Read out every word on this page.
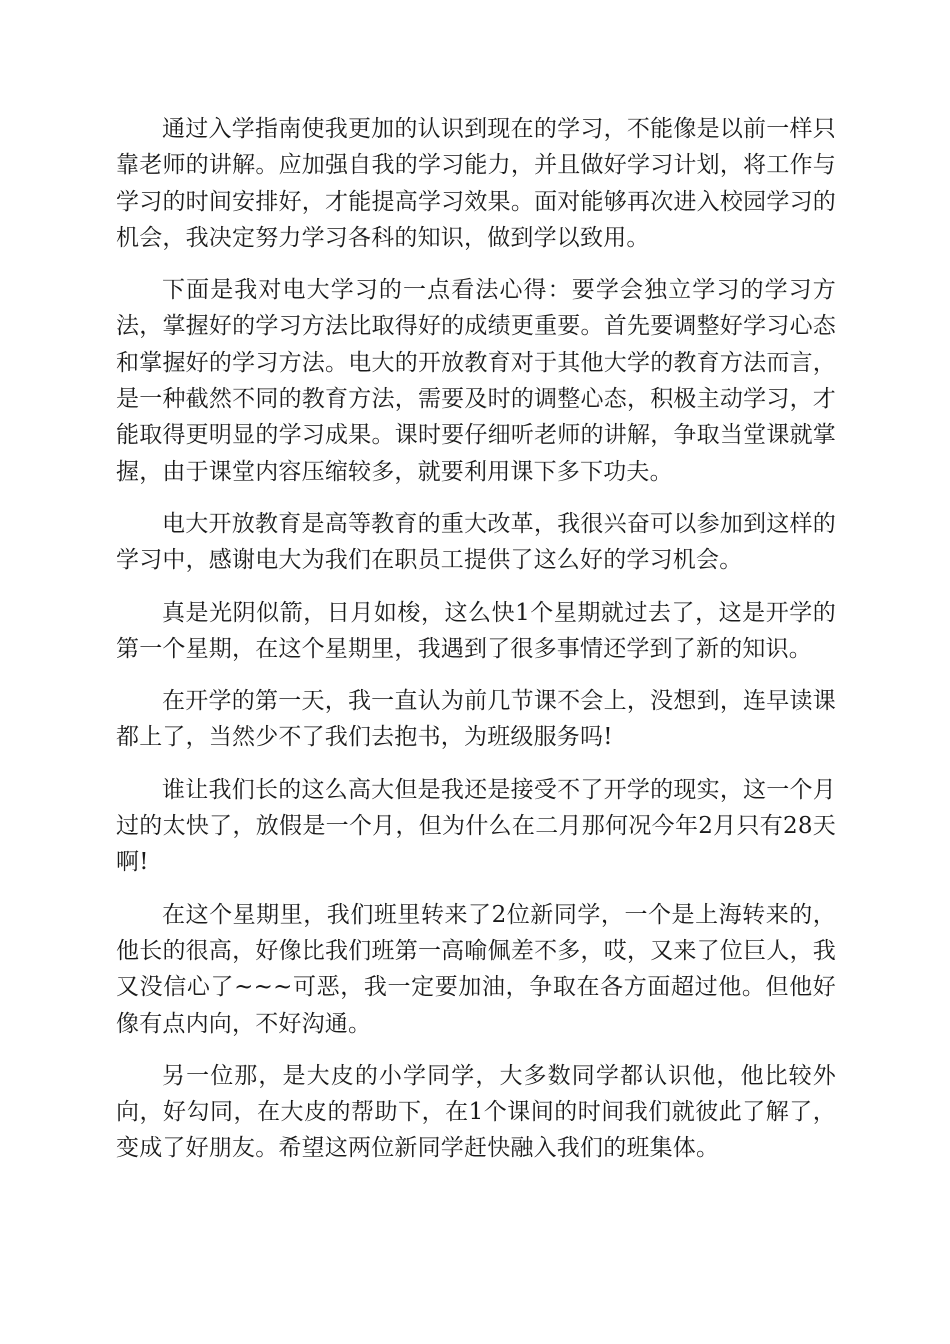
通过入学指南使我更加的认识到现在的学习，不能像是以前一样只靠老师的讲解。应加强自我的学习能力，并且做好学习计划，将工作与学习的时间安排好，才能提高学习效果。面对能够再次进入校园学习的机会，我决定努力学习各科的知识，做到学以致用。

下面是我对电大学习的一点看法心得：要学会独立学习的学习方法，掌握好的学习方法比取得好的成绩更重要。首先要调整好学习心态和掌握好的学习方法。电大的开放教育对于其他大学的教育方法而言，是一种截然不同的教育方法，需要及时的调整心态，积极主动学习，才能取得更明显的学习成果。课时要仔细听老师的讲解，争取当堂课就掌握，由于课堂内容压缩较多，就要利用课下多下功夫。

电大开放教育是高等教育的重大改革，我很兴奋可以参加到这样的学习中，感谢电大为我们在职员工提供了这么好的学习机会。

真是光阴似箭，日月如梭，这么快1个星期就过去了，这是开学的第一个星期，在这个星期里，我遇到了很多事情还学到了新的知识。

在开学的第一天，我一直认为前几节课不会上，没想到，连早读课都上了，当然少不了我们去抱书，为班级服务吗!

谁让我们长的这么高大但是我还是接受不了开学的现实，这一个月过的太快了，放假是一个月，但为什么在二月那何况今年2月只有28天啊!

在这个星期里，我们班里转来了2位新同学，一个是上海转来的，他长的很高，好像比我们班第一高喻佩差不多，哎，又来了位巨人，我又没信心了~~~可恶，我一定要加油，争取在各方面超过他。但他好像有点内向，不好沟通。

另一位那，是大皮的小学同学，大多数同学都认识他，他比较外向，好勾同，在大皮的帮助下，在1个课间的时间我们就彼此了解了，变成了好朋友。希望这两位新同学赶快融入我们的班集体。
